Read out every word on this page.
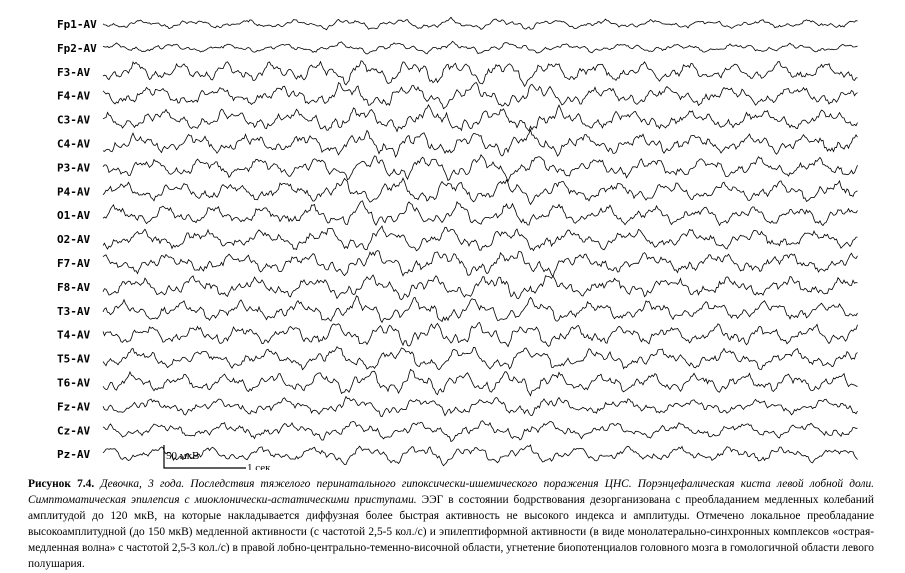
Fp1-AV
Fp2-AV
F3-AV
F4-AV
C3-AV
C4-AV
P3-AV
P4-AV
O1-AV
O2-AV
F7-AV
F8-AV
T3-AV
T4-AV
T5-AV
T6-AV
Fz-AV
Cz-AV
Pz-AV	50 мкВ
1 сек
Рисунок 7.4. Девочка, 3 года. Последствия тяжелого перинатального гипоксически-ишемического поражения ЦНС. Порэнцефалическая киста левой лобной доли. Симптоматическая эпилепсия с миоклонически-астатическими приступами. ЭЭГ в состоянии бодрствования дезорганизована с преобладанием медленных колебаний амплитудой до 120 мкВ, на которые накладывается диффузная более быстрая активность не высокого индекса и амплитуды. Отмечено локальное преобладание высокоамплитудной (до 150 мкВ) медленной активности (с частотой 2,5-5 кол./с) и эпилептиформной активности (в виде монолатерально-синхронных комплексов «острая-медленная волна» с частотой 2,5-3 кол./с) в правой лобно-центрально-теменно-височной области, угнетение биопотенциалов головного мозга в гомологичной области левого полушария.
